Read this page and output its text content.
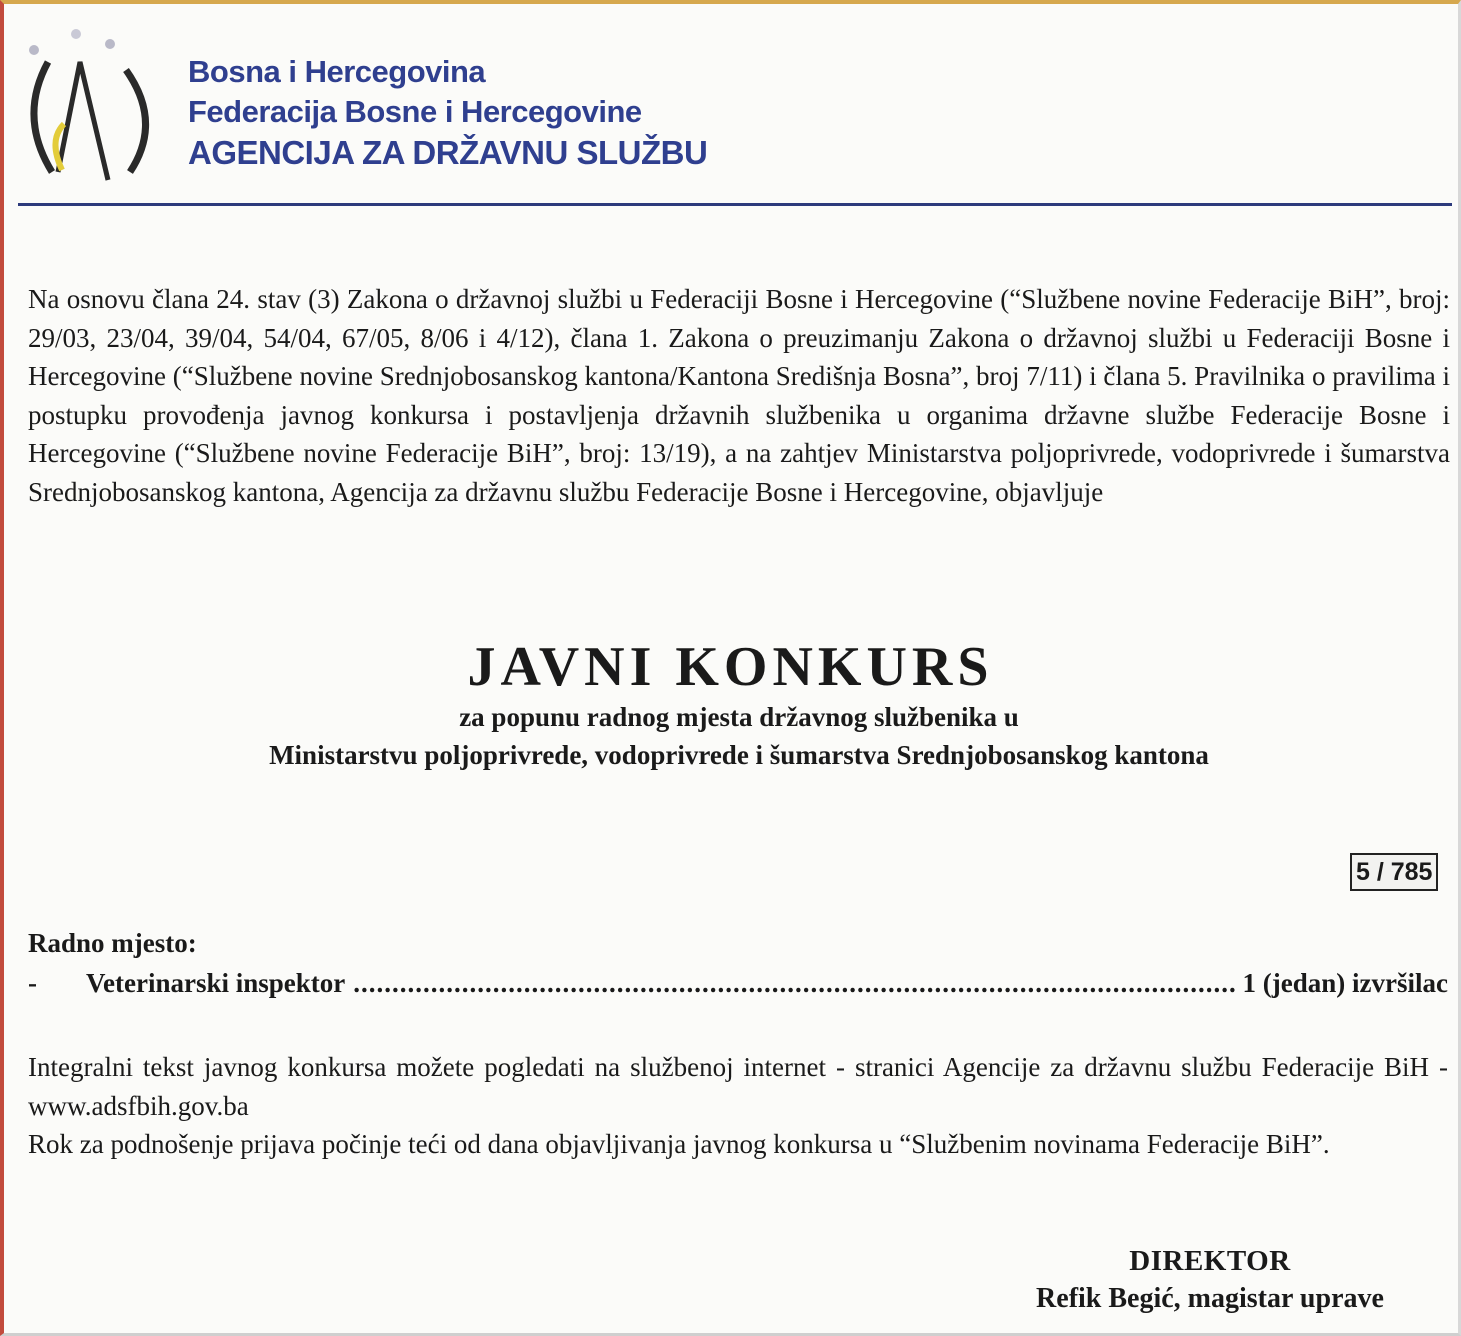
Bosna i Hercegovina
Federacija Bosne i Hercegovine
AGENCIJA ZA DRŽAVNU SLUŽBU

Na osnovu člana 24. stav (3) Zakona o državnoj službi u Federaciji Bosne i Hercegovine (“Službene novine Federacije BiH”, broj: 29/03, 23/04, 39/04, 54/04, 67/05, 8/06 i 4/12), člana 1. Zakona o preuzimanju Zakona o državnoj službi u Federaciji Bosne i Hercegovine (“Službene novine Srednjobosanskog kantona/Kantona Središnja Bosna”, broj 7/11) i člana 5. Pravilnika o pravilima i postupku provođenja javnog konkursa i postavljenja državnih službenika u organima državne službe Federacije Bosne i Hercegovine (“Službene novine Federacije BiH”, broj: 13/19), a na zahtjev Ministarstva poljoprivrede, vodoprivrede i šumarstva Srednjobosanskog kantona, Agencija za državnu službu Federacije Bosne i Hercegovine, objavljuje

JAVNI KONKURS
za popunu radnog mjesta državnog službenika u
Ministarstvu poljoprivrede, vodoprivrede i šumarstva Srednjobosanskog kantona
5 / 785

Radno mjesto:

-	Veterinarski inspektor
.....	1 (jedan) izvršilac

Integralni tekst javnog konkursa možete pogledati na službenoj internet - stranici Agencije za državnu službu Federacije BiH - www.adsfbih.gov.ba

Rok za podnošenje prijava počinje teći od dana objavljivanja javnog konkursa u “Službenim novinama Federacije BiH”.

DIREKTOR
Refik Begić, magistar uprave
